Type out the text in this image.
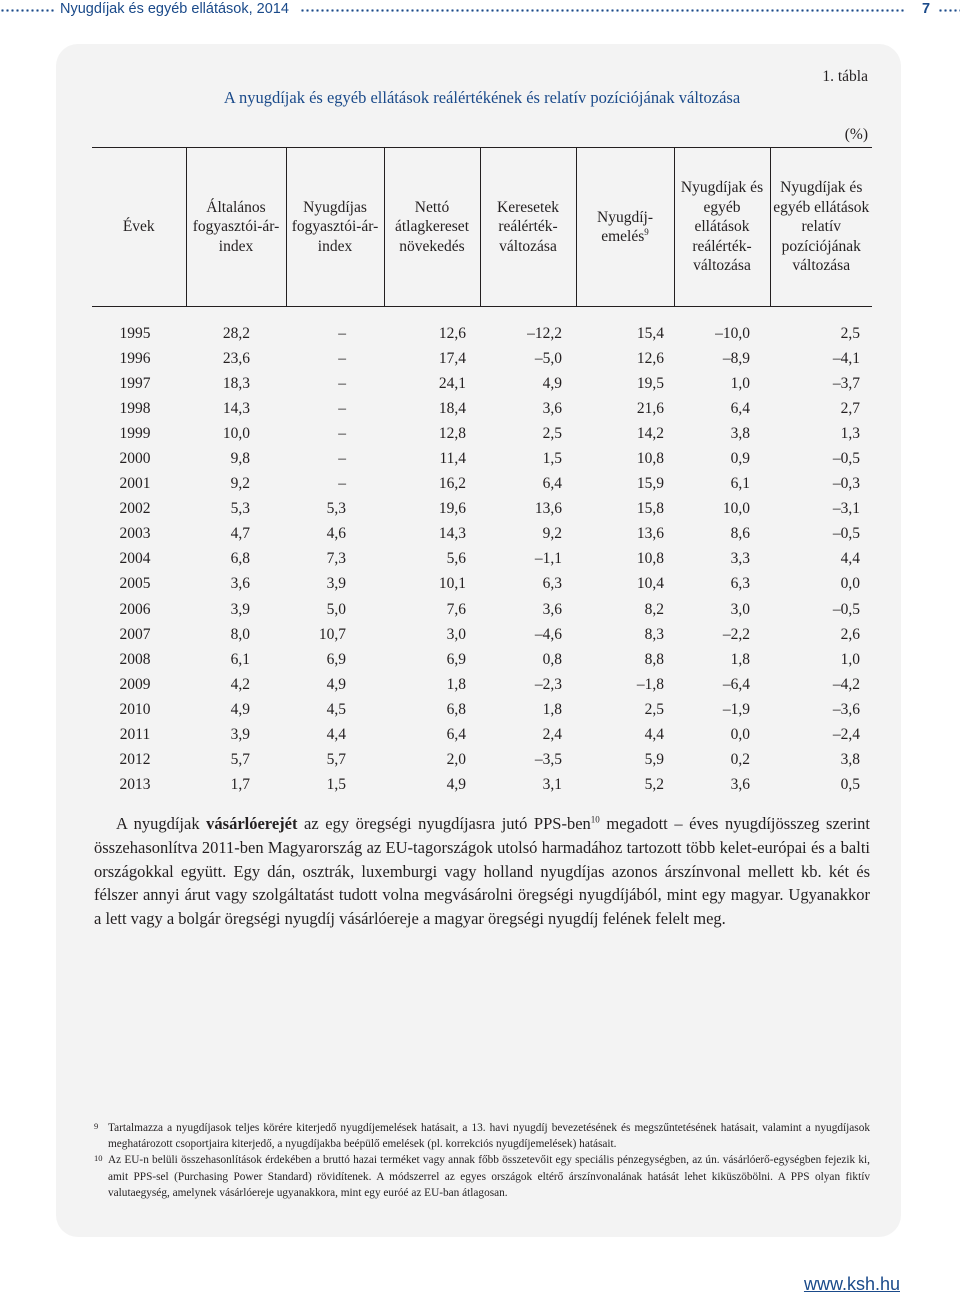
Nyugdíjak és egyéb ellátások, 2014	7
1. tábla
A nyugdíjak és egyéb ellátások reálértékének és relatív pozíciójának változása
(%)
Évek	Általános fogyasztói-ár-index	Nyugdíjas fogyasztói-ár-index	Nettó átlagkereset növekedés	Keresetek reálérték-változása	Nyugdíj-emelés$^9$	Nyugdíjak és egyéb ellátások reálérték-változása	Nyugdíjak és egyéb ellátások relatív pozíciójának változása
1995	28,2	–	12,6	–12,2	15,4	–10,0	2,5
1996	23,6	–	17,4	–5,0	12,6	–8,9	–4,1
1997	18,3	–	24,1	4,9	19,5	1,0	–3,7
1998	14,3	–	18,4	3,6	21,6	6,4	2,7
1999	10,0	–	12,8	2,5	14,2	3,8	1,3
2000	9,8	–	11,4	1,5	10,8	0,9	–0,5
2001	9,2	–	16,2	6,4	15,9	6,1	–0,3
2002	5,3	5,3	19,6	13,6	15,8	10,0	–3,1
2003	4,7	4,6	14,3	9,2	13,6	8,6	–0,5
2004	6,8	7,3	5,6	–1,1	10,8	3,3	4,4
2005	3,6	3,9	10,1	6,3	10,4	6,3	0,0
2006	3,9	5,0	7,6	3,6	8,2	3,0	–0,5
2007	8,0	10,7	3,0	–4,6	8,3	–2,2	2,6
2008	6,1	6,9	6,9	0,8	8,8	1,8	1,0
2009	4,2	4,9	1,8	–2,3	–1,8	–6,4	–4,2
2010	4,9	4,5	6,8	1,8	2,5	–1,9	–3,6
2011	3,9	4,4	6,4	2,4	4,4	0,0	–2,4
2012	5,7	5,7	2,0	–3,5	5,9	0,2	3,8
2013	1,7	1,5	4,9	3,1	5,2	3,6	0,5
A nyugdíjak vásárlóerejét az egy öregségi nyugdíjasra jutó PPS-ben$^{10}$ megadott – éves nyugdíjösszeg szerint összehasonlítva 2011-ben Magyarország az EU-tagországok utolsó harmadához tartozott több kelet-európai és a balti országokkal együtt. Egy dán, osztrák, luxemburgi vagy holland nyugdíjas azonos árszínvonal mellett kb. két és félszer annyi árut vagy szolgáltatást tudott volna megvásárolni öregségi nyugdíjából, mint egy magyar. Ugyanakkor a lett vagy a bolgár öregségi nyugdíj vásárlóereje a magyar öregségi nyugdíj felének felelt meg.
9 Tartalmazza a nyugdíjasok teljes körére kiterjedő nyugdíjemelések hatásait, a 13. havi nyugdíj bevezetésének és megszűntetésének hatásait, valamint a nyugdíjasok meghatározott csoportjaira kiterjedő, a nyugdíjakba beépülő emelések (pl. korrekciós nyugdíjemelések) hatásait.
10 Az EU-n belüli összehasonlítások érdekében a bruttó hazai terméket vagy annak főbb összetevőit egy speciális pénzegységben, az ún. vásárlóerő-egységben fejezik ki, amit PPS-sel (Purchasing Power Standard) rövidítenek. A módszerrel az egyes országok eltérő árszínvonalának hatását lehet kiküszöbölni. A PPS olyan fiktív valutaegység, amelynek vásárlóereje ugyanakkora, mint egy euróé az EU-ban átlagosan.
www.ksh.hu
